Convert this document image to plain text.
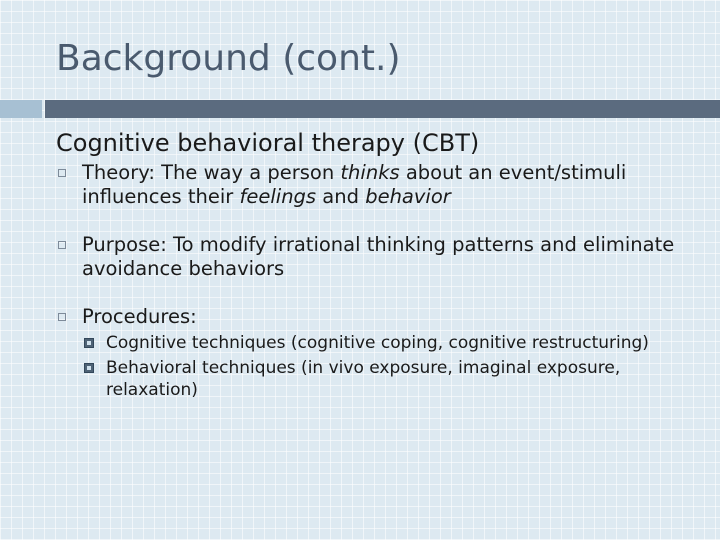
Background (cont.)
Cognitive behavioral therapy (CBT)
Theory: The way a person thinks about an event/stimuli influences their feelings and behavior
Purpose: To modify irrational thinking patterns and eliminate avoidance behaviors
Procedures:
Cognitive techniques (cognitive coping, cognitive restructuring)
Behavioral techniques (in vivo exposure, imaginal exposure, relaxation)
